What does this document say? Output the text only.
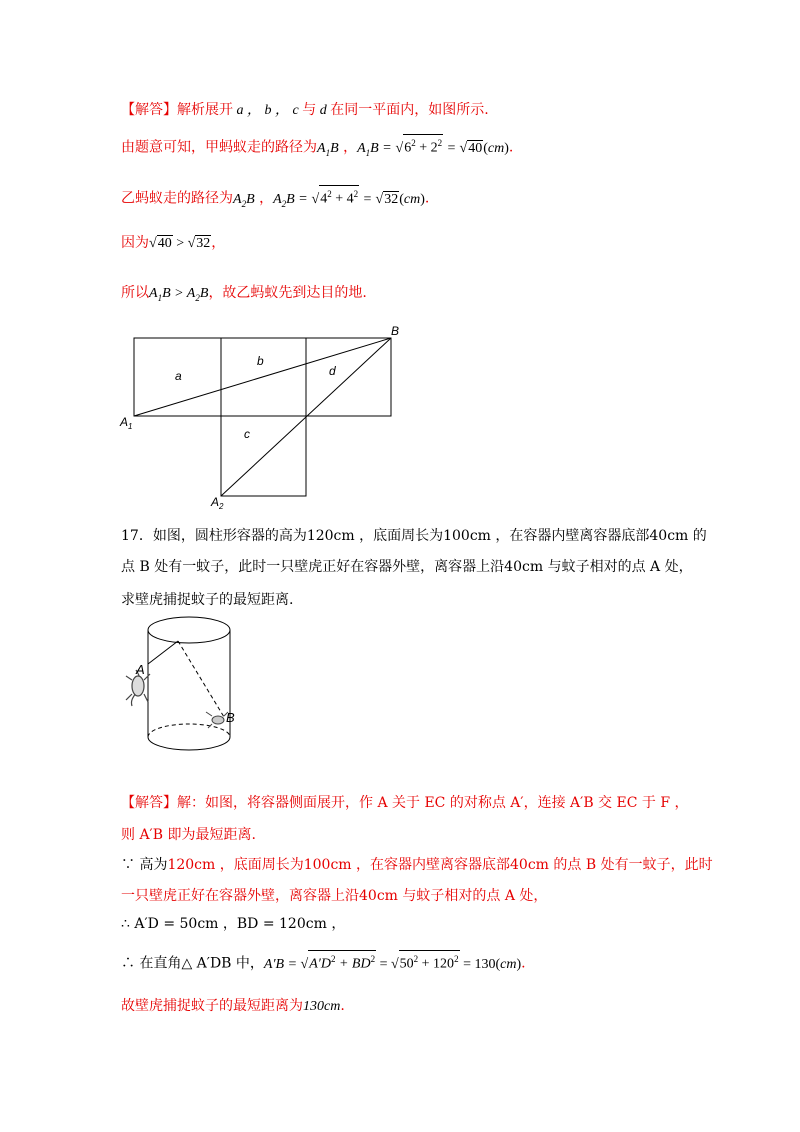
【解答】解析展开 a ， b ， c 与 d 在同一平面内，如图所示.
由题意可知，甲蚂蚁走的路径为$A_1B$ ，$A_1B = √6^2 + 2^2 = √40(cm)$.
乙蚂蚁走的路径为$A_2B$ ，$A_2B = √4^2 + 4^2 = √32(cm)$.
因为√40 > √32，
所以$A_1B > A_2B$，故乙蚂蚁先到达目的地.
a
b
c
d
B
$A_1$
$A_2$
17．如图，圆柱形容器的高为120cm ，底面周长为100cm ，在容器内壁离容器底部40cm 的
点 B 处有一蚊子，此时一只壁虎正好在容器外壁，离容器上沿40cm 与蚊子相对的点 A 处，
求壁虎捕捉蚊子的最短距离.
A
B
【解答】解：如图，将容器侧面展开，作 A 关于 EC 的对称点 A′，连接 A′B 交 EC 于 F ，
则 A′B 即为最短距离.
∵ 高为120cm ，底面周长为100cm ，在容器内壁离容器底部40cm 的点 B 处有一蚊子，此时
一只壁虎正好在容器外壁，离容器上沿40cm 与蚊子相对的点 A 处，
∴ A′D = 50cm ，BD = 120cm ，
∴ 在直角△ A′DB 中，$A'B = √A'D^2 + BD^2 = √50^2 + 120^2 = 130(cm)$.
故壁虎捕捉蚊子的最短距离为130cm.
